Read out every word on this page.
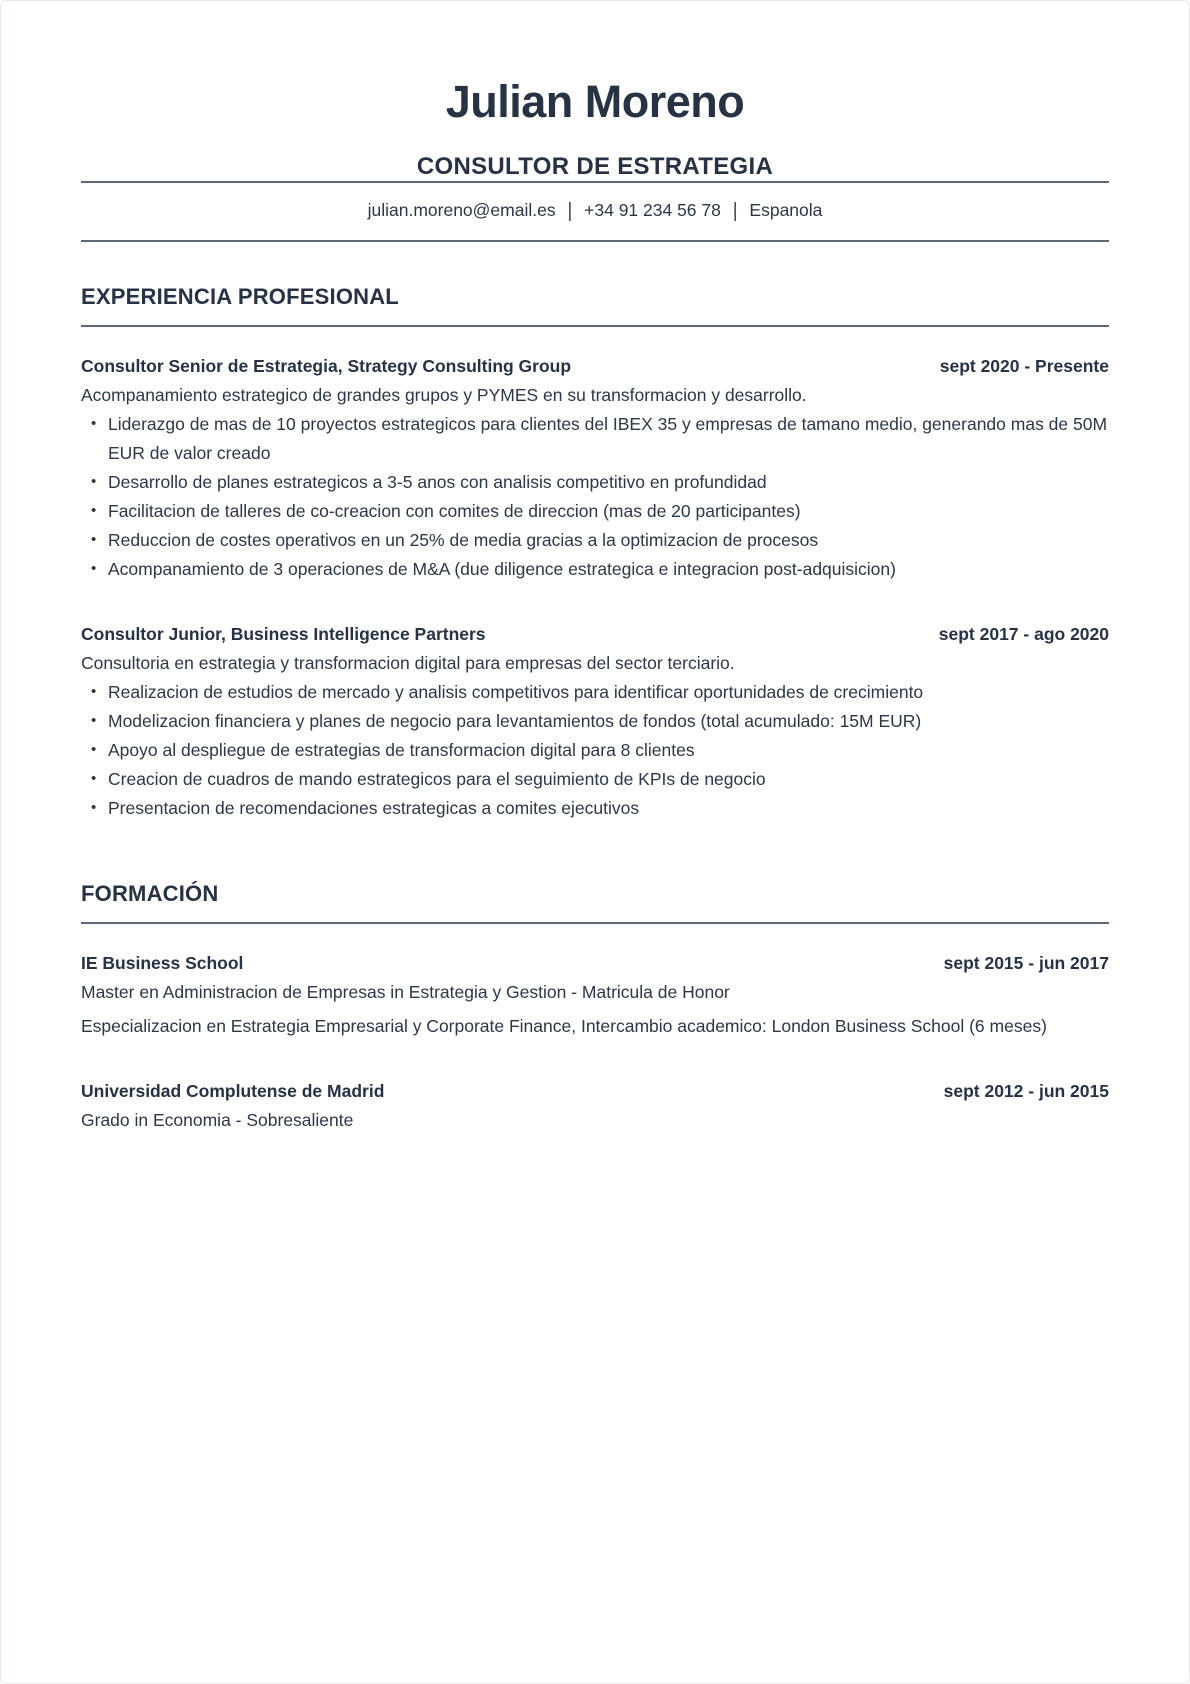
Julian Moreno
CONSULTOR DE ESTRATEGIA
julian.moreno@email.es | +34 91 234 56 78 | Espanola
EXPERIENCIA PROFESIONAL
Consultor Senior de Estrategia, Strategy Consulting Group	sept 2020 - Presente

Acompanamiento estrategico de grandes grupos y PYMES en su transformacion y desarrollo.

• Liderazgo de mas de 10 proyectos estrategicos para clientes del IBEX 35 y empresas de tamano medio, generando mas de 50M EUR de valor creado
• Desarrollo de planes estrategicos a 3-5 anos con analisis competitivo en profundidad
• Facilitacion de talleres de co-creacion con comites de direccion (mas de 20 participantes)
• Reduccion de costes operativos en un 25% de media gracias a la optimizacion de procesos
• Acompanamiento de 3 operaciones de M&A (due diligence estrategica e integracion post-adquisicion)
Consultor Junior, Business Intelligence Partners	sept 2017 - ago 2020

Consultoria en estrategia y transformacion digital para empresas del sector terciario.

• Realizacion de estudios de mercado y analisis competitivos para identificar oportunidades de crecimiento
• Modelizacion financiera y planes de negocio para levantamientos de fondos (total acumulado: 15M EUR)
• Apoyo al despliegue de estrategias de transformacion digital para 8 clientes
• Creacion de cuadros de mando estrategicos para el seguimiento de KPIs de negocio
• Presentacion de recomendaciones estrategicas a comites ejecutivos
FORMACIÓN
IE Business School	sept 2015 - jun 2017

Master en Administracion de Empresas in Estrategia y Gestion - Matricula de Honor

Especializacion en Estrategia Empresarial y Corporate Finance, Intercambio academico: London Business School (6 meses)

Universidad Complutense de Madrid	sept 2012 - jun 2015

Grado in Economia - Sobresaliente
